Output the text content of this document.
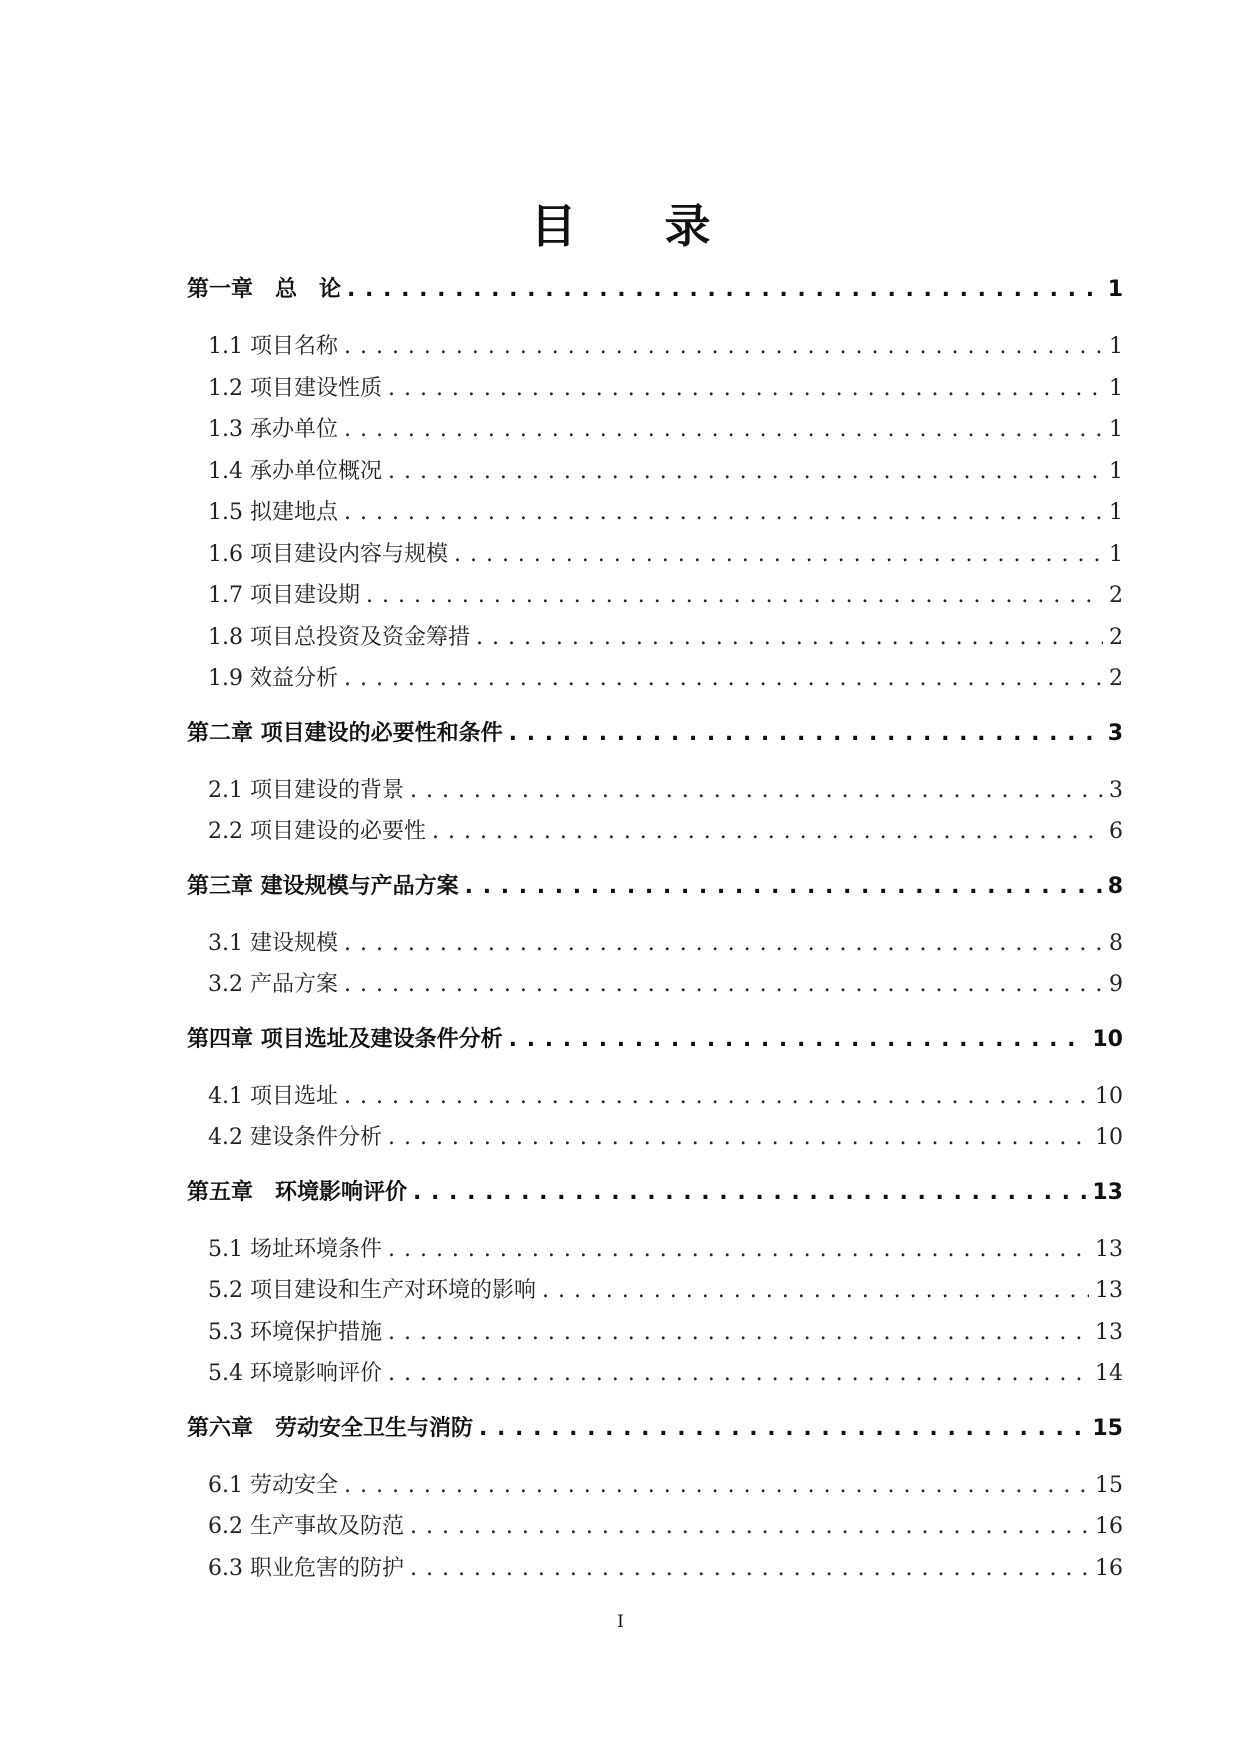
目 录
第一章　总　论 . . .	1
1.1 项目名称 . . .	1
1.2 项目建设性质 . . .	1
1.3 承办单位 . . .	1
1.4 承办单位概况 . . .	1
1.5 拟建地点 . . .	1
1.6 项目建设内容与规模 . . .	1
1.7 项目建设期 . . .	2
1.8 项目总投资及资金筹措 . . .	2
1.9 效益分析 . . .	2
第二章 项目建设的必要性和条件 . . .	3
2.1 项目建设的背景 . . .	3
2.2 项目建设的必要性 . . .	6
第三章 建设规模与产品方案 . . .	8
3.1 建设规模 . . .	8
3.2 产品方案 . . .	9
第四章 项目选址及建设条件分析 . . .	10
4.1 项目选址 . . .	10
4.2 建设条件分析 . . .	10
第五章　环境影响评价 . . .	13
5.1 场址环境条件 . . .	13
5.2 项目建设和生产对环境的影响 . . .	13
5.3 环境保护措施 . . .	13
5.4 环境影响评价 . . .	14
第六章　劳动安全卫生与消防 . . .	15
6.1 劳动安全 . . .	15
6.2 生产事故及防范 . . .	16
6.3 职业危害的防护 . . .	16
I
